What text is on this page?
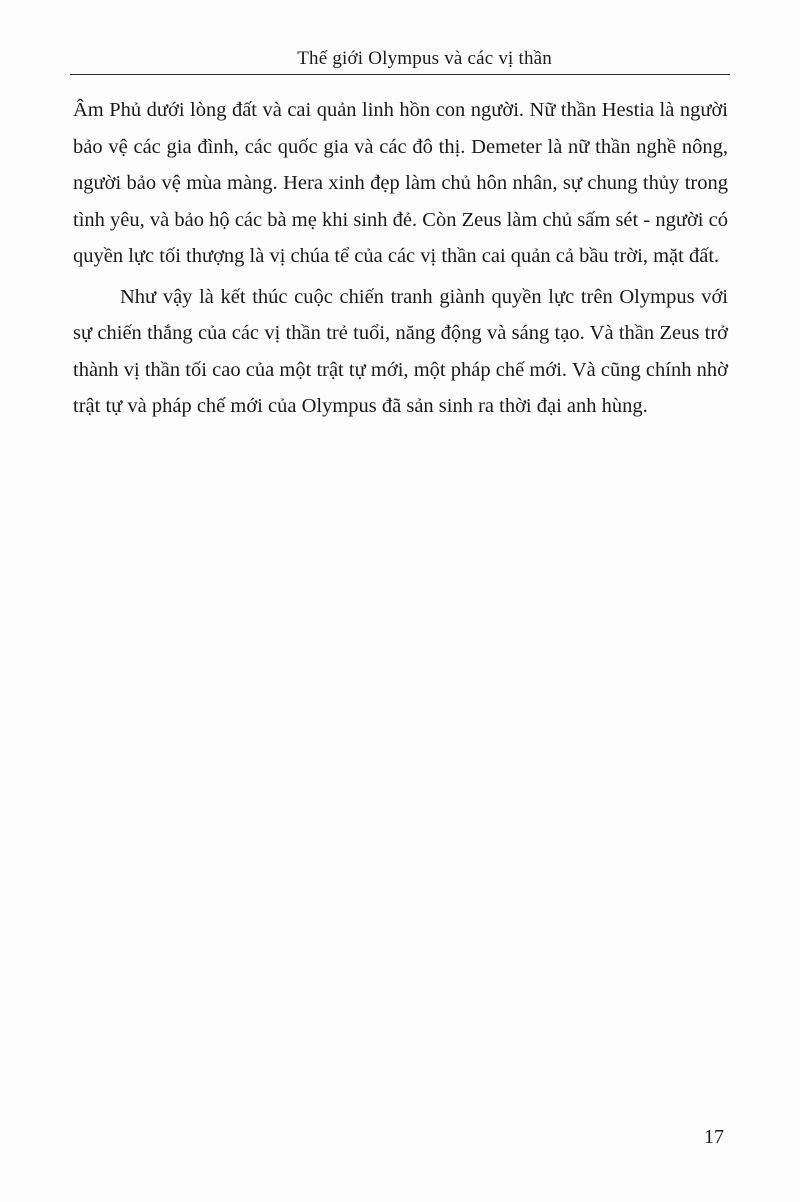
Thế giới Olympus và các vị thần

Âm Phủ dưới lòng đất và cai quản linh hồn con người. Nữ thần Hestia là người bảo vệ các gia đình, các quốc gia và các đô thị. Demeter là nữ thần nghề nông, người bảo vệ mùa màng. Hera xinh đẹp làm chủ hôn nhân, sự chung thủy trong tình yêu, và bảo hộ các bà mẹ khi sinh đẻ. Còn Zeus làm chủ sấm sét - người có quyền lực tối thượng là vị chúa tể của các vị thần cai quản cả bầu trời, mặt đất.

Như vậy là kết thúc cuộc chiến tranh giành quyền lực trên Olympus với sự chiến thắng của các vị thần trẻ tuổi, năng động và sáng tạo. Và thần Zeus trở thành vị thần tối cao của một trật tự mới, một pháp chế mới. Và cũng chính nhờ trật tự và pháp chế mới của Olympus đã sản sinh ra thời đại anh hùng.

17
